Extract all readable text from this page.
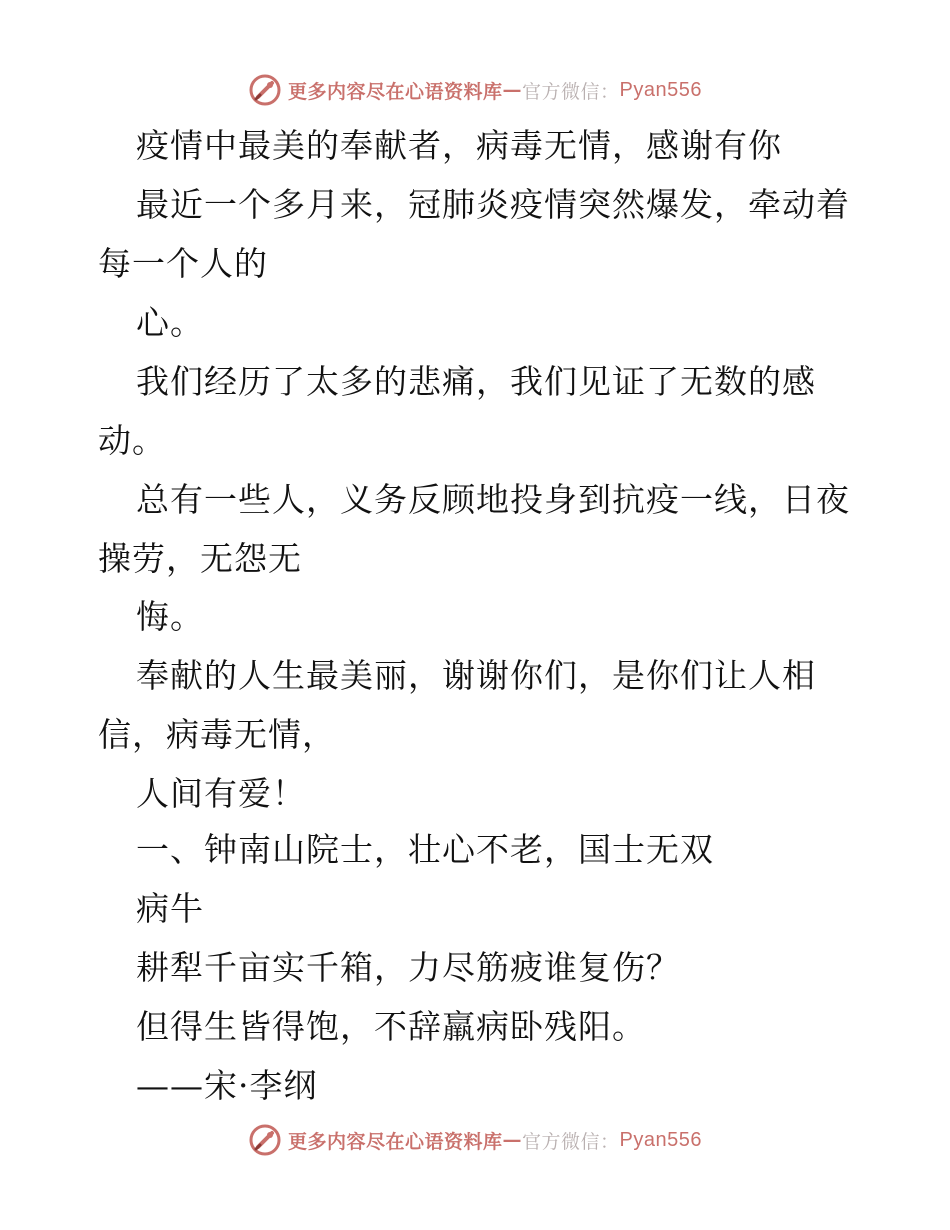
更多内容尽在心语资料库 — 官方微信： Pyan556
疫情中最美的奉献者，病毒无情，感谢有你
最近一个多月来，冠肺炎疫情突然爆发，牵动着
每一个人的
心。
我们经历了太多的悲痛，我们见证了无数的感
动。
总有一些人，义务反顾地投身到抗疫一线，日夜
操劳，无怨无
悔。
奉献的人生最美丽，谢谢你们，是你们让人相
信，病毒无情，
人间有爱！
一、钟南山院士，壮心不老，国士无双
病牛
耕犁千亩实千箱，力尽筋疲谁复伤？
但得生皆得饱，不辞羸病卧残阳。
——宋·李纲
更多内容尽在心语资料库 — 官方微信： Pyan556
